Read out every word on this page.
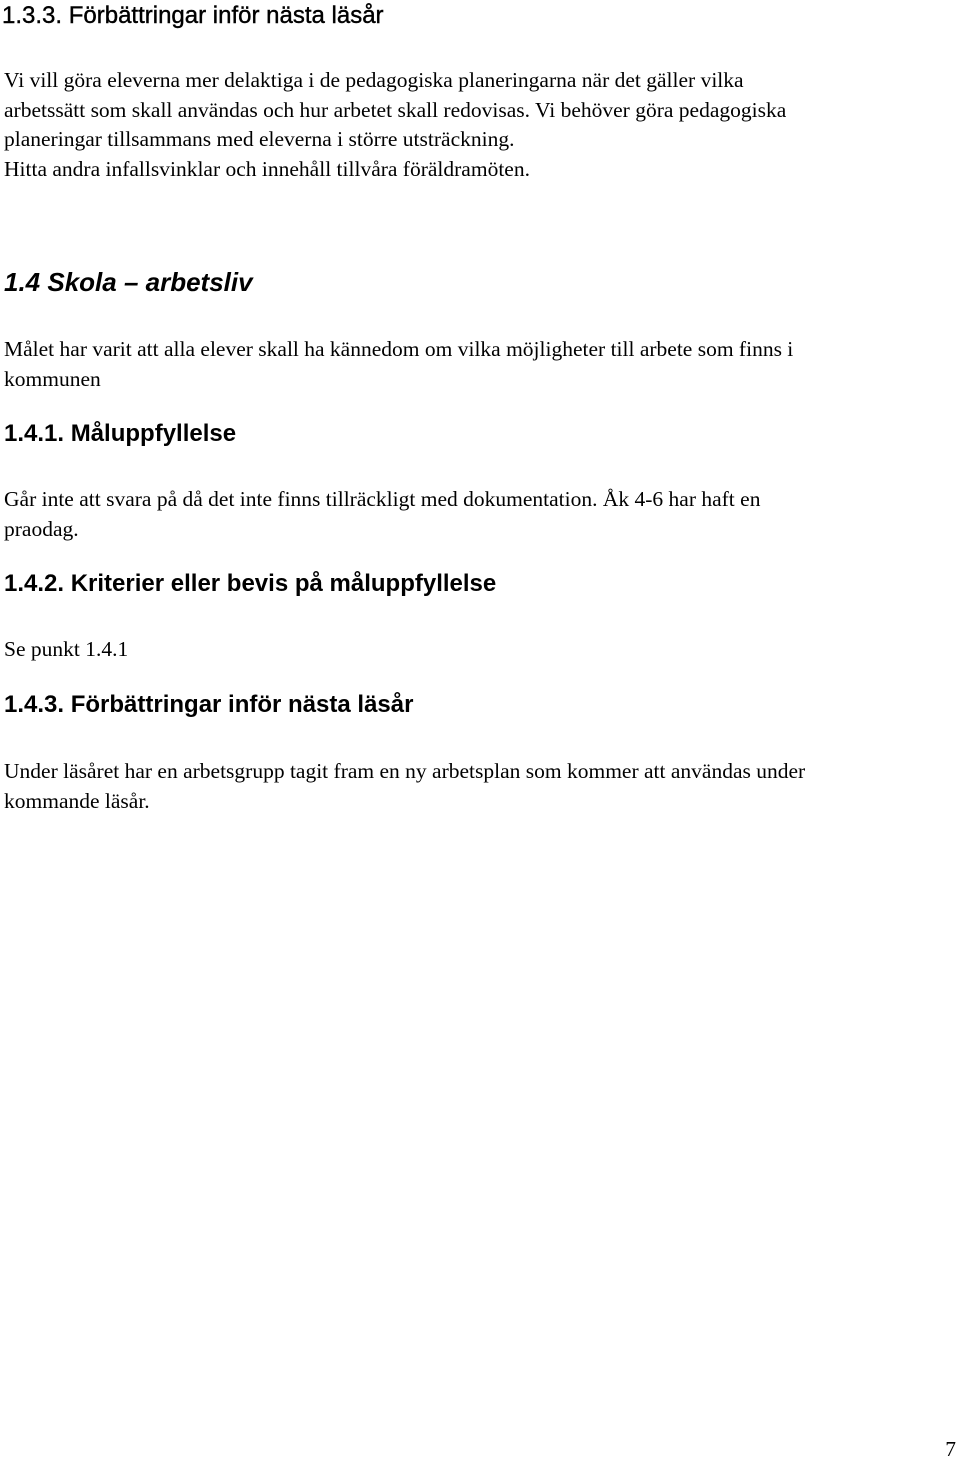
1.3.3. Förbättringar inför nästa läsår

Vi vill göra eleverna mer delaktiga i de pedagogiska planeringarna när det gäller vilka
arbetssätt som skall användas och hur arbetet skall redovisas. Vi behöver göra pedagogiska
planeringar tillsammans med eleverna i större utsträckning.
Hitta andra infallsvinklar och innehåll tillvåra föräldramöten.

1.4 Skola – arbetsliv

Målet har varit att alla elever skall ha kännedom om vilka möjligheter till arbete som finns i
kommunen

1.4.1. Måluppfyllelse

Går inte att svara på då det inte finns tillräckligt med dokumentation. Åk 4-6 har haft en
praodag.

1.4.2. Kriterier eller bevis på måluppfyllelse

Se punkt 1.4.1

1.4.3. Förbättringar inför nästa läsår

Under läsåret har en arbetsgrupp tagit fram en ny arbetsplan som kommer att användas under
kommande läsår.

7
